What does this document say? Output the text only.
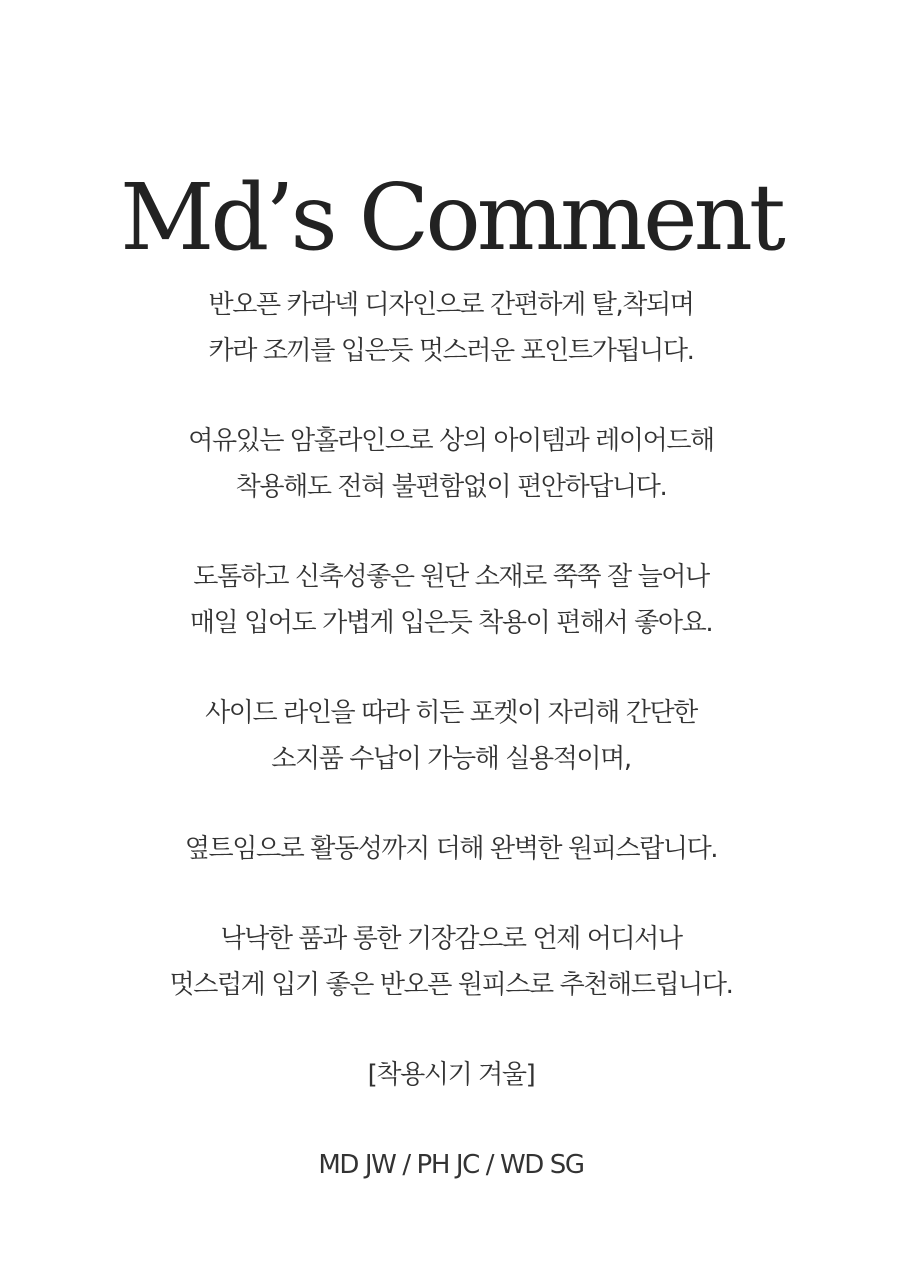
Md’s Comment

반오픈 카라넥 디자인으로 간편하게 탈,착되며
카라 조끼를 입은듯 멋스러운 포인트가됩니다.

여유있는 암홀라인으로 상의 아이템과 레이어드해
착용해도 전혀 불편함없이 편안하답니다.

도톰하고 신축성좋은 원단 소재로 쭉쭉 잘 늘어나
매일 입어도 가볍게 입은듯 착용이 편해서 좋아요.

사이드 라인을 따라 히든 포켓이 자리해 간단한
소지품 수납이 가능해 실용적이며,

옆트임으로 활동성까지 더해 완벽한 원피스랍니다.

낙낙한 품과 롱한 기장감으로 언제 어디서나
멋스럽게 입기 좋은 반오픈 원피스로 추천해드립니다.

[착용시기 겨울]

MD JW / PH JC / WD SG
